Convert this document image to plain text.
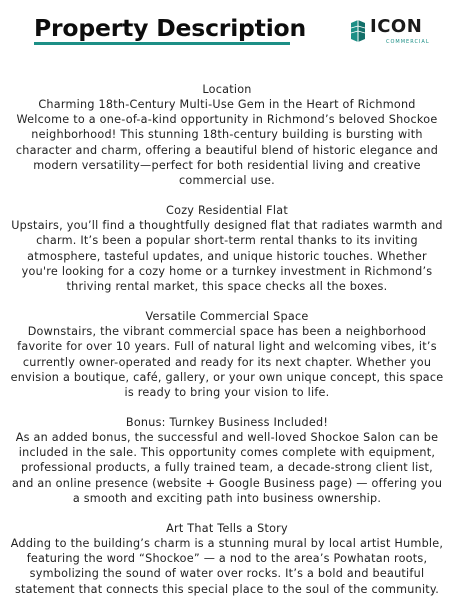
Property Description	ICON
COMMERCIAL
Location
Charming 18th-Century Multi-Use Gem in the Heart of Richmond Welcome to a one-of-a-kind opportunity in Richmond’s beloved Shockoe neighborhood! This stunning 18th-century building is bursting with character and charm, offering a beautiful blend of historic elegance and modern versatility—perfect for both residential living and creative commercial use.
Cozy Residential Flat
Upstairs, you’ll find a thoughtfully designed flat that radiates warmth and charm. It’s been a popular short-term rental thanks to its inviting atmosphere, tasteful updates, and unique historic touches. Whether you're looking for a cozy home or a turnkey investment in Richmond’s thriving rental market, this space checks all the boxes.
Versatile Commercial Space
Downstairs, the vibrant commercial space has been a neighborhood favorite for over 10 years. Full of natural light and welcoming vibes, it’s currently owner-operated and ready for its next chapter. Whether you envision a boutique, café, gallery, or your own unique concept, this space is ready to bring your vision to life.
Bonus: Turnkey Business Included!
As an added bonus, the successful and well-loved Shockoe Salon can be included in the sale. This opportunity comes complete with equipment, professional products, a fully trained team, a decade-strong client list, and an online presence (website + Google Business page) — offering you a smooth and exciting path into business ownership.
Art That Tells a Story
Adding to the building’s charm is a stunning mural by local artist Humble, featuring the word “Shockoe” — a nod to the area’s Powhatan roots, symbolizing the sound of water over rocks. It’s a bold and beautiful statement that connects this special place to the soul of the community.
